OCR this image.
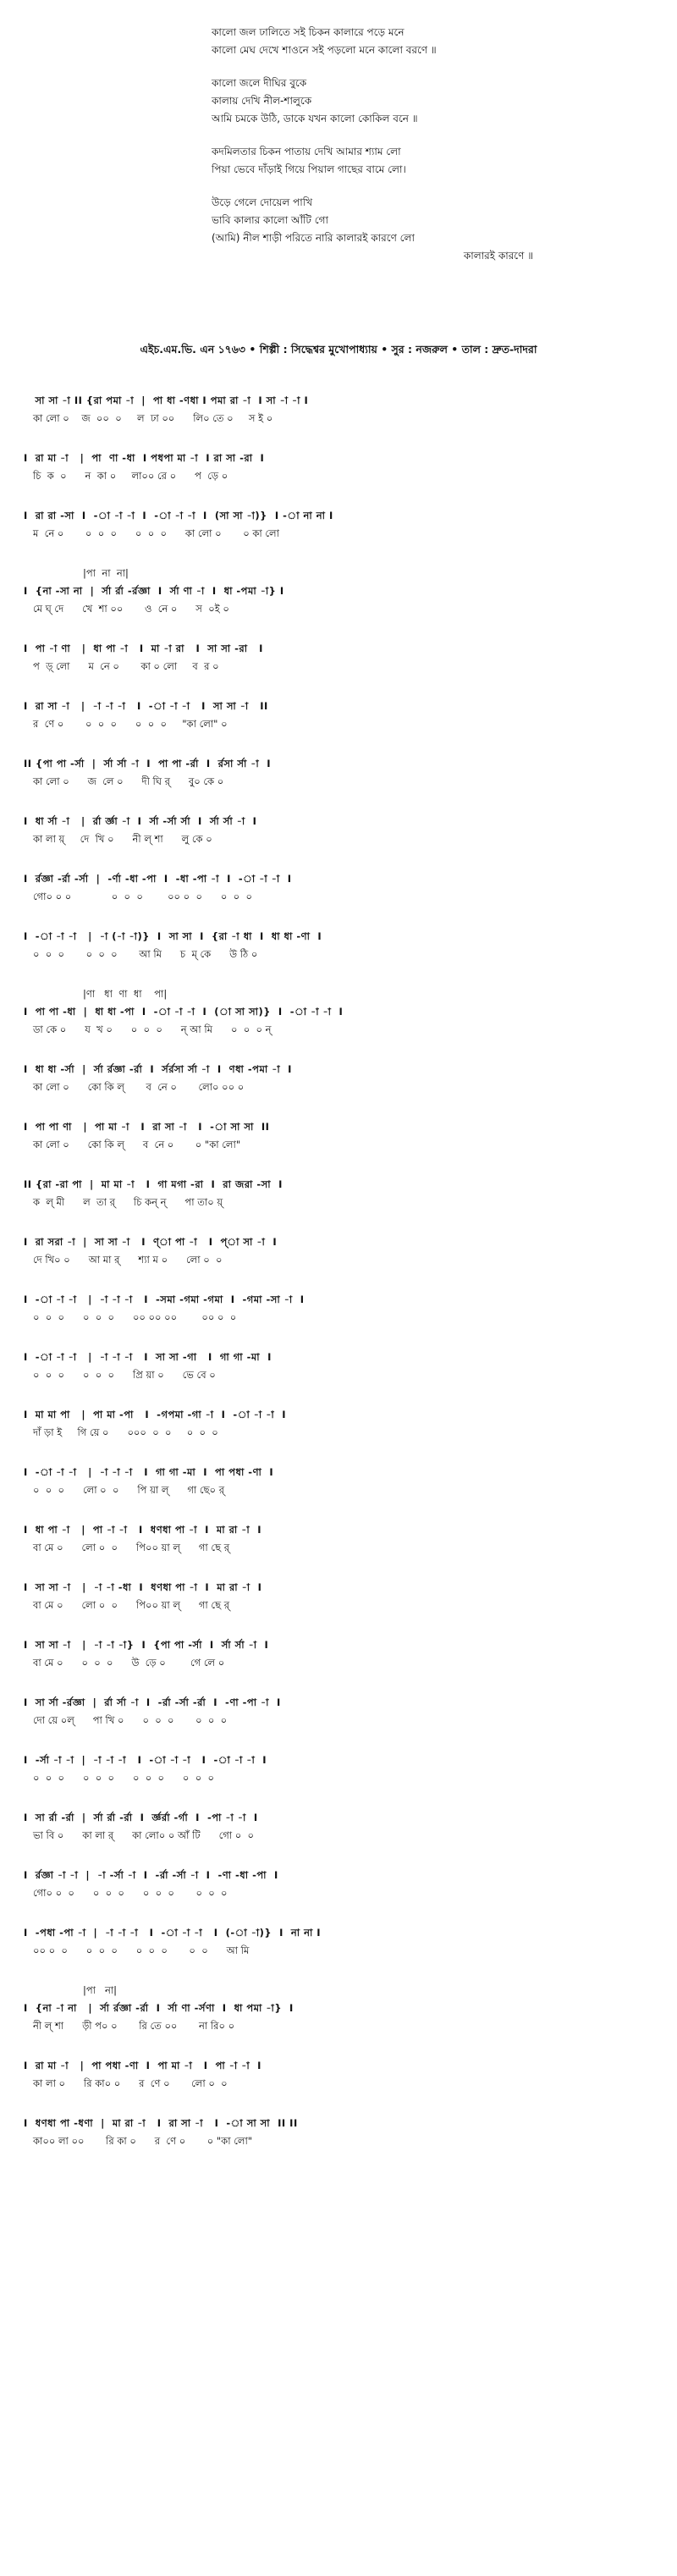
কালো জল ঢালিতে সই চিকন কালারে পড়ে মনে
কালো মেঘ দেখে শাওনে সই পড়লো মনে কালো বরণে ॥
কালো জলে দীঘির বুকে
কালায় দেখি নীল-শালুকে
আমি চমকে উঠি, ডাকে যখন কালো কোকিল বনে ॥
কদমিলতার চিকন পাতায় দেখি আমার শ্যাম লো
পিয়া ভেবে দাঁড়াই গিয়ে পিয়াল গাছের বামে লো।
উড়ে গেলে দোয়েল পাখি
ভাবি কালার কালো আঁটি গো
(আমি) নীল শাড়ী পরিতে নারি কালারই কারণে লো
কালারই কারণে ॥
এইচ.এম.ভি. এন ১৭৬৩ • শিল্পী : সিদ্ধেশ্বর মুখোপাধ্যায় • সুর : নজরুল • তাল : দ্রুত-দাদরা
সা সা -া II {রা পমা -া  |  পা ধা -ণধা I পমা রা -া  I সা -া -া I
কা লো ০    জ  ০০  ০     ল  ঢা ০০      লি০ তে ০     স ই ০
I  রা মা -া   |  পা  ণা -ধা  I পধপা মা -া  I রা সা -রা  I
চি  ক  ০      ন  কা ০     লা০০ রে ০      প  ড়ে ০
I  রা রা -সা  I  -া -া -া  I  -া -া -া  I  (সা সা -া)}  I -া না না I
ম  নে ০       ০  ০  ০      ০  ০  ০      কা লো ০       ০ কা লো
|পা  না  না|
I  {না -সা না  |  র্সা র্রা -র্রজ্ঞা  I  র্সা ণা -া  I  ধা -পমা -া} I
মে ঘ্ দে      খে  শা ০০       ও  নে ০      স  ০ই ০
I  পা -া ণা   |  ধা পা -া   I  মা -া রা   I  সা সা -রা   I
প  ড়্ লো      ম  নে ০       কা ০ লো     ব  র ০
I  রা সা -া   |  -া -া -া   I  -া -া -া   I  সা সা -া   II
র  ণে ০       ০  ০  ০      ০  ০  ০     "কা লো" ০
II {পা পা -র্সা  |  র্সা র্সা -া  I  পা পা -র্রা  I  র্রসা র্সা -া  I
কা লো ০      জ  লে ০      দী ঘি র্      বু০ কে ০
I  ধা র্সা -া   |  র্রা র্জ্ঞা -া  I  র্সা -র্সা র্সা  I  র্সা র্সা -া  I
কা লা য়্     দে  খি ০      নী ল্ শা      লু কে ০
I  র্রজ্ঞা -র্রা -র্সা  |  -র্ণা -ধা -পা  I  -ধা -পা -া  I  -া -া -া  I
গো০ ০ ০             ০  ০  ০        ০০ ০  ০      ০  ০  ০
I  -া -া -া   |  -া (-া -া)}  I  সা সা  I  {রা -া ধা  I  ধা ধা -ণা  I
০  ০  ০       ০  ০  ০       আ মি      চ  ম্ কে      উ ঠি ০
|ণা   ধা  ণা  ধা    পা|
I  পা পা -ধা  |  ধা ধা -পা  I  -া -া -া  I  (া সা সা)}  I  -া -া -া  I
ডা কে ০      য  খ ০      ০  ০  ০      ন্ আ মি      ০  ০  ০ ন্
I  ধা ধা -র্সা  |  র্সা র্রজ্ঞা -র্রা  I  র্সর্রসা র্সা -া  I  ণধা -পমা -া  I
কা লো ০      কো কি ল্       ব  নে ০       লো০ ০০ ০
I  পা পা ণা   |  পা মা -া   I  রা সা -া   I  -া সা সা  II
কা লো ০      কো কি ল্      ব  নে ০       ০ "কা লো"
II {রা -রা পা  |  মা মা -া   I  গা মগা -রা  I  রা জরা -সা  I
ক  ল্ মী      ল  তা র্      চি কন্ ন্      পা তা০ য়্
I  রা সরা -া  |  সা সা -া   I  ণ্া পা -া   I  প্া সা -া  I
দে খি০ ০      আ মা র্      শ্যা ম ০      লো ০  ০
I  -া -া -া   |  -া -া -া   I  -সমা -গমা -গমা  I  -গমা -সা -া  I
০  ০  ০      ০  ০  ০      ০০ ০০ ০০        ০০ ০  ০
I  -া -া -া   |  -া -া -া   I  সা সা -গা   I  গা গা -মা  I
০  ০  ০      ০  ০  ০      প্রি য়া ০      ভে বে ০
I  মা মা পা   |  পা মা -পা   I  -গপমা -গা -া  I  -া -া -া  I
দাঁ ড়া ই     গি য়ে ০      ০০০  ০  ০     ০  ০  ০
I  -া -া -া   |  -া -া -া   I  গা গা -মা  I  পা পধা -ণা  I
০  ০  ০      লো ০  ০      পি য়া ল্      গা ছে০ র্
I  ধা পা -া   |  পা -া -া   I  ধণধা পা -া  I  মা রা -া  I
বা মে ০      লো ০  ০      পি০০ য়া ল্      গা ছে র্
I  সা সা -া   |  -া -া -ধা  I  ধণধা পা -া  I  মা রা -া  I
বা মে ০      লো ০  ০      পি০০ য়া ল্      গা ছে র্
I  সা সা -া   |  -া -া -া}  I  {পা পা -র্সা  I  র্সা র্সা -া  I
বা মে ০      ০  ০  ০      উ  ড়ে ০        গে লে ০
I  সা র্সা -র্রজ্ঞা  |  র্রা র্সা -া  I  -র্রা -র্সা -র্রা  I  -ণা -পা -া  I
দো য়ে ০ল্      পা খি ০      ০  ০  ০       ০  ০  ০
I  -র্সা -া -া  |  -া -া -া   I  -া -া -া   I  -া -া -া  I
০  ০  ০      ০  ০  ০      ০  ০  ০      ০  ০  ০
I  সা র্রা -র্রা  |  র্সা র্রা -র্রা  I  র্জ্ঞর্রা -র্গা  I  -পা -া -া  I
ভা বি ০      কা লা র্      কা লো০ ০ আঁ টি      গো ০  ০
I  র্রজ্ঞা -া -া  |  -া -র্সা -া  I  -র্রা -র্সা -া  I  -ণা -ধা -পা  I
গো০ ০  ০      ০  ০  ০      ০  ০  ০       ০  ০  ০
I  -পধা -পা -া  |  -া -া -া   I  -া -া -া   I  (-া -া)}  I  না না I
০০ ০  ০      ০  ০  ০      ০  ০  ০       ০  ০      আ মি
|পা   না|
I  {না -া না   |  র্সা র্রজ্ঞা -র্রা  I  র্সা ণা -র্সণা  I  ধা পমা -া}  I
নী ল্ শা      ড়ী প০ ০       রি তে ০০       না রি০ ০
I  রা মা -া   |  পা পধা -ণা  I  পা মা -া   I  পা -া -া  I
কা লা ০      রি কা০ ০      র  ণে ০       লো ০  ০
I  ধণধা পা -ধণা  |  মা রা -া   I  রা সা -া   I  -া সা সা  II II
কা০০ লা ০০       রি কা ০      র  ণে ০       ০ "কা লো"
